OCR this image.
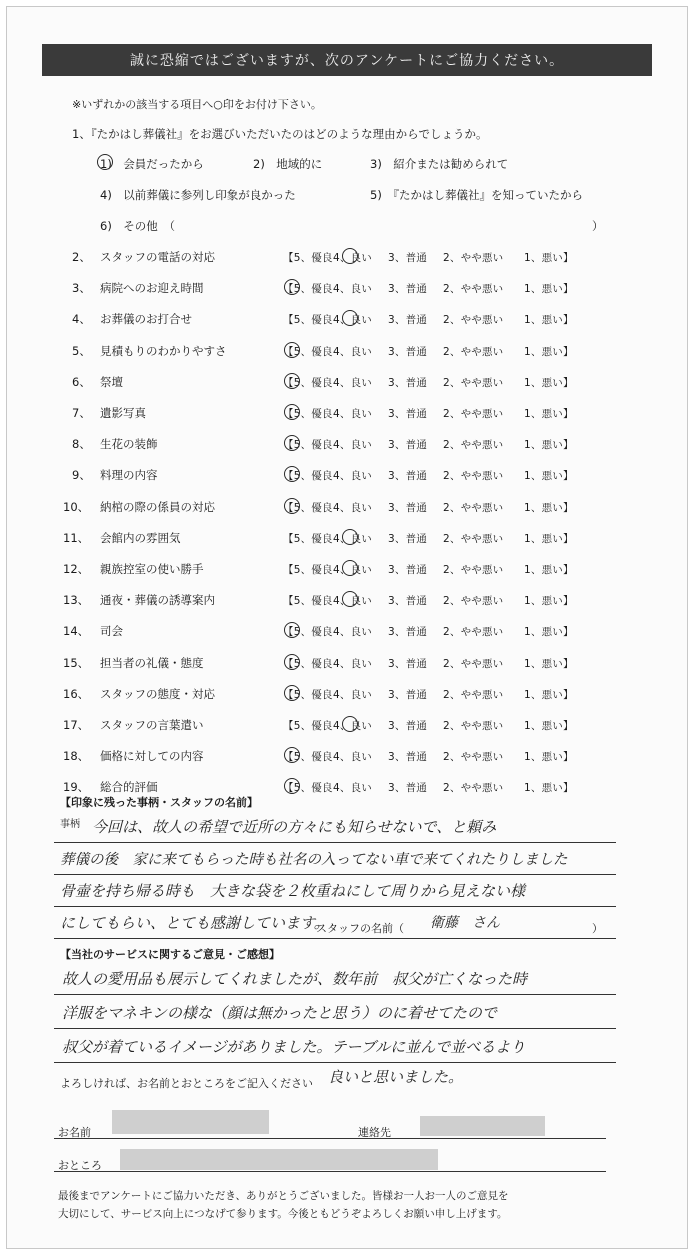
誠に恐縮ではございますが、次のアンケートにご協力ください。
※いずれかの該当する項目へ○印をお付け下さい。
1、『たかはし葬儀社』をお選びいただいたのはどのような理由からでしょうか。
1)　会員だったから	2)　地域的に	3)　紹介または勧められて
4)　以前葬儀に参列し印象が良かった	5)　『たかはし葬儀社』を知っていたから
6)　その他　（	）
2、 スタッフの電話の対応	【5、優良 4、良い 3、普通 2、やや悪い 1、悪い】
3、 病院へのお迎え時間	【5、優良 4、良い 3、普通 2、やや悪い 1、悪い】
4、 お葬儀のお打合せ	【5、優良 4、良い 3、普通 2、やや悪い 1、悪い】
5、 見積もりのわかりやすさ	【5、優良 4、良い 3、普通 2、やや悪い 1、悪い】
6、 祭壇	【5、優良 4、良い 3、普通 2、やや悪い 1、悪い】
7、 遺影写真	【5、優良 4、良い 3、普通 2、やや悪い 1、悪い】
8、 生花の装飾	【5、優良 4、良い 3、普通 2、やや悪い 1、悪い】
9、 料理の内容	【5、優良 4、良い 3、普通 2、やや悪い 1、悪い】
10、 納棺の際の係員の対応	【5、優良 4、良い 3、普通 2、やや悪い 1、悪い】
11、 会館内の雰囲気	【5、優良 4、良い 3、普通 2、やや悪い 1、悪い】
12、 親族控室の使い勝手	【5、優良 4、良い 3、普通 2、やや悪い 1、悪い】
13、 通夜・葬儀の誘導案内	【5、優良 4、良い 3、普通 2、やや悪い 1、悪い】
14、 司会	【5、優良 4、良い 3、普通 2、やや悪い 1、悪い】
15、 担当者の礼儀・態度	【5、優良 4、良い 3、普通 2、やや悪い 1、悪い】
16、 スタッフの態度・対応	【5、優良 4、良い 3、普通 2、やや悪い 1、悪い】
17、 スタッフの言葉遣い	【5、優良 4、良い 3、普通 2、やや悪い 1、悪い】
18、 価格に対しての内容	【5、優良 4、良い 3、普通 2、やや悪い 1、悪い】
19、 総合的評価	【5、優良 4、良い 3、普通 2、やや悪い 1、悪い】
【印象に残った事柄・スタッフの名前】
事柄 今回は、故人の希望で近所の方々にも知らせないで、と頼み
葬儀の後　家に来てもらった時も社名の入ってない車で来てくれたりしました
骨壷を持ち帰る時も　大きな袋を２枚重ねにして周りから見えない様
にしてもらい、とても感謝しています。
スタッフの名前（ 衛藤　さん	）
【当社のサービスに関するご意見・ご感想】
故人の愛用品も展示してくれましたが、数年前　叔父が亡くなった時
洋服をマネキンの様な（顔は無かったと思う）のに着せてたので
叔父が着ているイメージがありました。テーブルに並んで並べるより
よろしければ、お名前とおところをご記入ください 良いと思いました。
お名前	連絡先
おところ
最後までアンケートにご協力いただき、ありがとうございました。皆様お一人お一人のご意見を
大切にして、サービス向上につなげて参ります。今後ともどうぞよろしくお願い申し上げます。
